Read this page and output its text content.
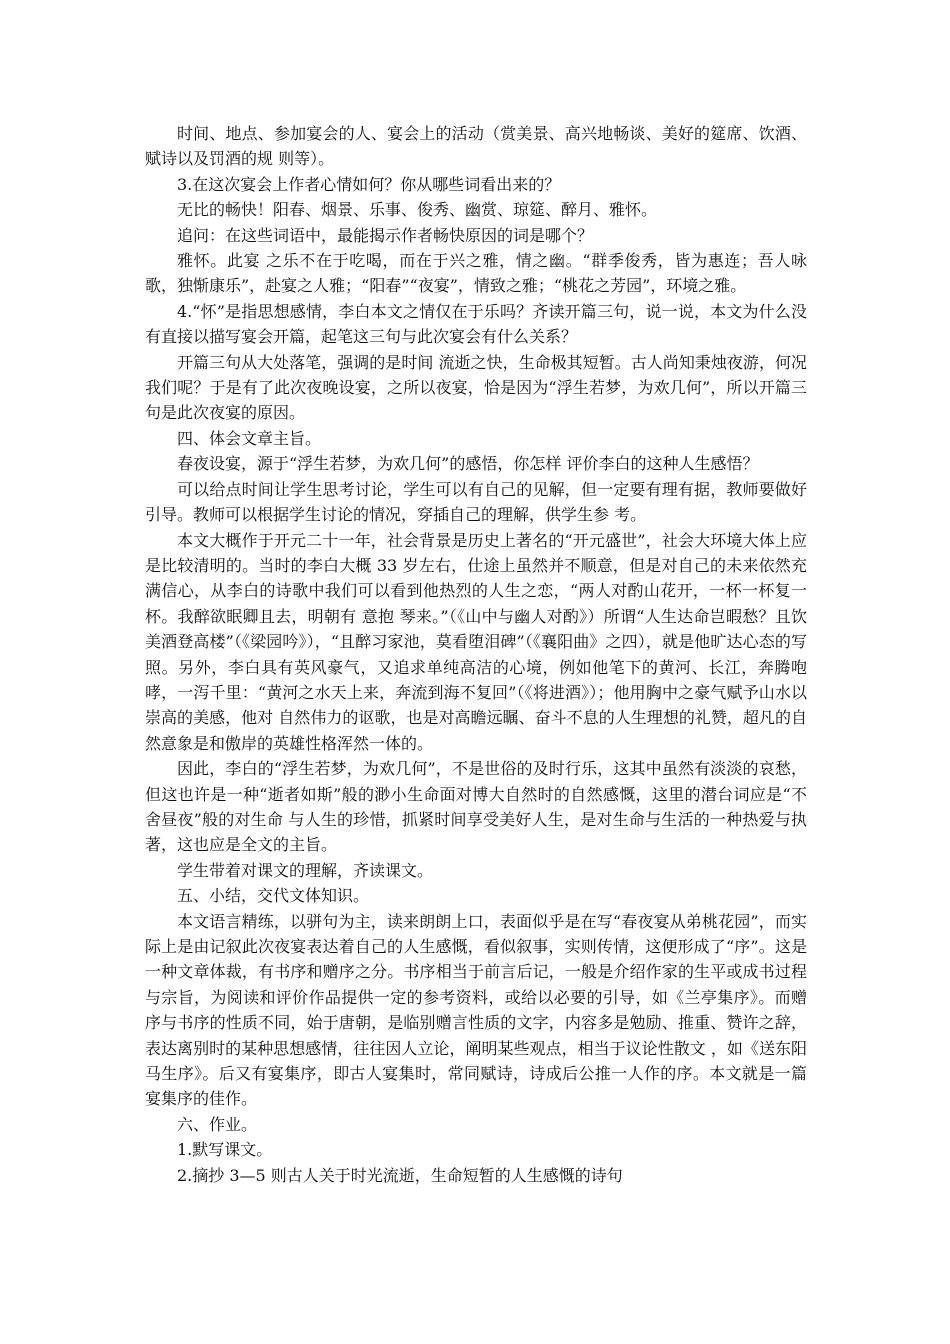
时间、地点、参加宴会的人、宴会上的活动（赏美景、高兴地畅谈、美好的筵席、饮酒、赋诗以及罚酒的规 则等）。

3.在这次宴会上作者心情如何？你从哪些词看出来的？

无比的畅快！阳春、烟景、乐事、俊秀、幽赏、琼筵、醉月、雅怀。

追问：在这些词语中，最能揭示作者畅快原因的词是哪个？

雅怀。此宴 之乐不在于吃喝，而在于兴之雅，情之幽。“群季俊秀，皆为惠连；吾人咏歌，独惭康乐”，赴宴之人雅；“阳春”“夜宴”，情致之雅；“桃花之芳园”，环境之雅。

4.“怀”是指思想感情，李白本文之情仅在于乐吗？齐读开篇三句，说一说，本文为什么没有直接以描写宴会开篇，起笔这三句与此次宴会有什么关系？

开篇三句从大处落笔，强调的是时间 流逝之快，生命极其短暂。古人尚知秉烛夜游，何况我们呢？于是有了此次夜晚设宴，之所以夜宴，恰是因为“浮生若梦，为欢几何”，所以开篇三句是此次夜宴的原因。

四、体会文章主旨。

春夜设宴，源于“浮生若梦，为欢几何”的感悟，你怎样 评价李白的这种人生感悟？

可以给点时间让学生思考讨论，学生可以有自己的见解，但一定要有理有据，教师要做好引导。教师可以根据学生讨论的情况，穿插自己的理解，供学生参 考。

本文大概作于开元二十一年，社会背景是历史上著名的“开元盛世”，社会大环境大体上应是比较清明的。当时的李白大概 33 岁左右，仕途上虽然并不顺意，但是对自己的未来依然充满信心，从李白的诗歌中我们可以看到他热烈的人生之恋，“两人对酌山花开，一杯一杯复一杯。我醉欲眠卿且去，明朝有 意抱 琴来。”（《山中与幽人对酌》）所谓“人生达命岂暇愁？且饮美酒登高楼”（《梁园吟》），“且醉习家池，莫看堕泪碑”（《襄阳曲》之四），就是他旷达心态的写 照。另外，李白具有英风豪气，又追求单纯高洁的心境，例如他笔下的黄河、长江，奔腾咆哮，一泻千里：“黄河之水天上来，奔流到海不复回”（《将进酒》）；他用胸中之豪气赋予山水以崇高的美感，他对 自然伟力的讴歌，也是对高瞻远瞩、奋斗不息的人生理想的礼赞，超凡的自然意象是和傲岸的英雄性格浑然一体的。

因此，李白的“浮生若梦，为欢几何”，不是世俗的及时行乐，这其中虽然有淡淡的哀愁，但这也许是一种“逝者如斯”般的渺小生命面对博大自然时的自然感慨，这里的潜台词应是“不舍昼夜”般的对生命 与人生的珍惜，抓紧时间享受美好人生，是对生命与生活的一种热爱与执著，这也应是全文的主旨。

学生带着对课文的理解，齐读课文。

五、小结，交代文体知识。

本文语言精练，以骈句为主，读来朗朗上口，表面似乎是在写“春夜宴从弟桃花园”，而实际上是由记叙此次夜宴表达着自己的人生感慨，看似叙事，实则传情，这便形成了“序”。这是一种文章体裁，有书序和赠序之分。书序相当于前言后记，一般是介绍作家的生平或成书过程与宗旨，为阅读和评价作品提供一定的参考资料，或给以必要的引导，如《兰亭集序》。而赠序与书序的性质不同，始于唐朝，是临别赠言性质的文字，内容多是勉励、推重、赞许之辞，表达离别时的某种思想感情，往往因人立论，阐明某些观点，相当于议论性散文 ，如《送东阳马生序》。后又有宴集序，即古人宴集时，常同赋诗，诗成后公推一人作的序。本文就是一篇宴集序的佳作。

六、作业。

1.默写课文。

2.摘抄 3—5 则古人关于时光流逝，生命短暂的人生感慨的诗句
